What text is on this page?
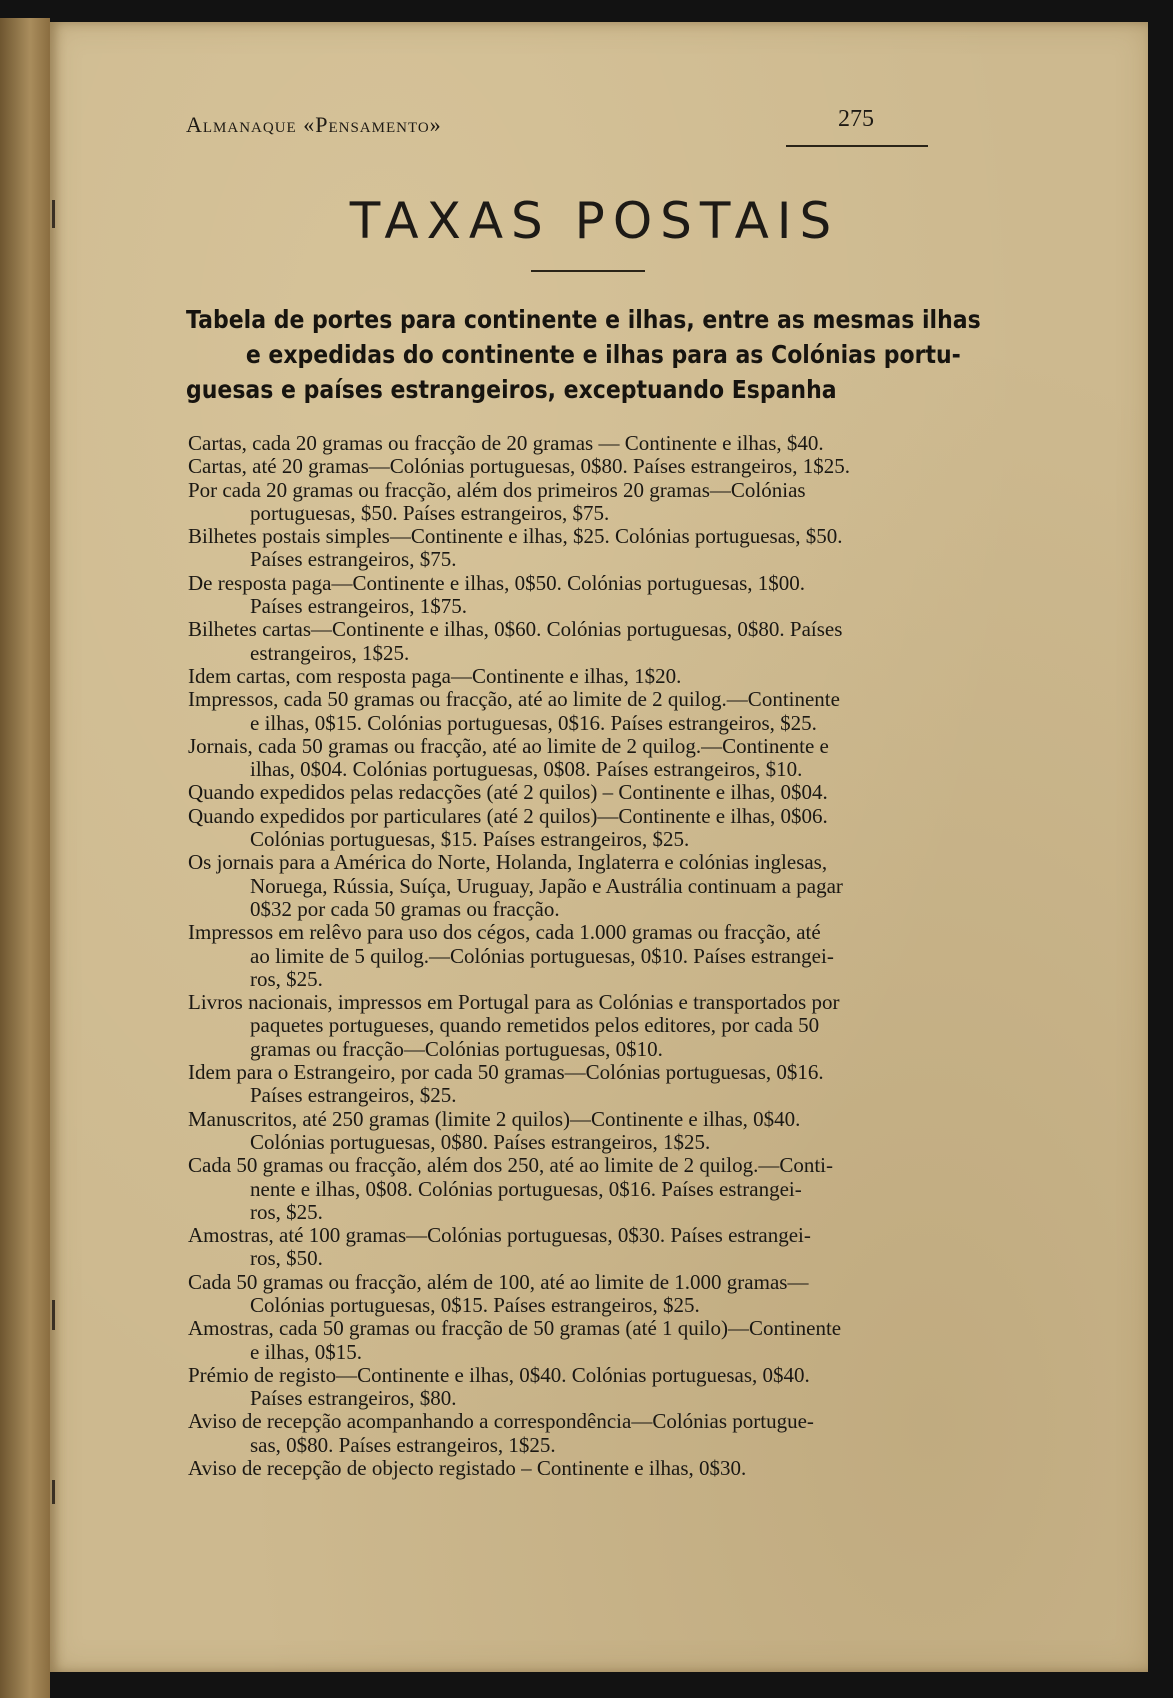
Almanaque «Pensamento»	275
TAXAS POSTAIS
Tabela de portes para continente e ilhas, entre as mesmas ilhas
e expedidas do continente e ilhas para as Colónias portu-
guesas e países estrangeiros, exceptuando Espanha

Cartas, cada 20 gramas ou fracção de 20 gramas — Continente e ilhas, $40.

Cartas, até 20 gramas—Colónias portuguesas, 0$80. Países estrangeiros, 1$25.

Por cada 20 gramas ou fracção, além dos primeiros 20 gramas—Colónias
portuguesas, $50. Países estrangeiros, $75.

Bilhetes postais simples—Continente e ilhas, $25. Colónias portuguesas, $50.
Países estrangeiros, $75.

De resposta paga—Continente e ilhas, 0$50. Colónias portuguesas, 1$00.
Países estrangeiros, 1$75.

Bilhetes cartas—Continente e ilhas, 0$60. Colónias portuguesas, 0$80. Países
estrangeiros, 1$25.

Idem cartas, com resposta paga—Continente e ilhas, 1$20.

Impressos, cada 50 gramas ou fracção, até ao limite de 2 quilog.—Continente
e ilhas, 0$15. Colónias portuguesas, 0$16. Países estrangeiros, $25.

Jornais, cada 50 gramas ou fracção, até ao limite de 2 quilog.—Continente e
ilhas, 0$04. Colónias portuguesas, 0$08. Países estrangeiros, $10.

Quando expedidos pelas redacções (até 2 quilos) – Continente e ilhas, 0$04.

Quando expedidos por particulares (até 2 quilos)—Continente e ilhas, 0$06.
Colónias portuguesas, $15. Países estrangeiros, $25.

Os jornais para a América do Norte, Holanda, Inglaterra e colónias inglesas,
Noruega, Rússia, Suíça, Uruguay, Japão e Austrália continuam a pagar
0$32 por cada 50 gramas ou fracção.

Impressos em relêvo para uso dos cégos, cada 1.000 gramas ou fracção, até
ao limite de 5 quilog.—Colónias portuguesas, 0$10. Países estrangei-
ros, $25.

Livros nacionais, impressos em Portugal para as Colónias e transportados por
paquetes portugueses, quando remetidos pelos editores, por cada 50
gramas ou fracção—Colónias portuguesas, 0$10.

Idem para o Estrangeiro, por cada 50 gramas—Colónias portuguesas, 0$16.
Países estrangeiros, $25.

Manuscritos, até 250 gramas (limite 2 quilos)—Continente e ilhas, 0$40.
Colónias portuguesas, 0$80. Países estrangeiros, 1$25.

Cada 50 gramas ou fracção, além dos 250, até ao limite de 2 quilog.—Conti-
nente e ilhas, 0$08. Colónias portuguesas, 0$16. Países estrangei-
ros, $25.

Amostras, até 100 gramas—Colónias portuguesas, 0$30. Países estrangei-
ros, $50.

Cada 50 gramas ou fracção, além de 100, até ao limite de 1.000 gramas—
Colónias portuguesas, 0$15. Países estrangeiros, $25.

Amostras, cada 50 gramas ou fracção de 50 gramas (até 1 quilo)—Continente
e ilhas, 0$15.

Prémio de registo—Continente e ilhas, 0$40. Colónias portuguesas, 0$40.
Países estrangeiros, $80.

Aviso de recepção acompanhando a correspondência—Colónias portugue-
sas, 0$80. Países estrangeiros, 1$25.

Aviso de recepção de objecto registado – Continente e ilhas, 0$30.
